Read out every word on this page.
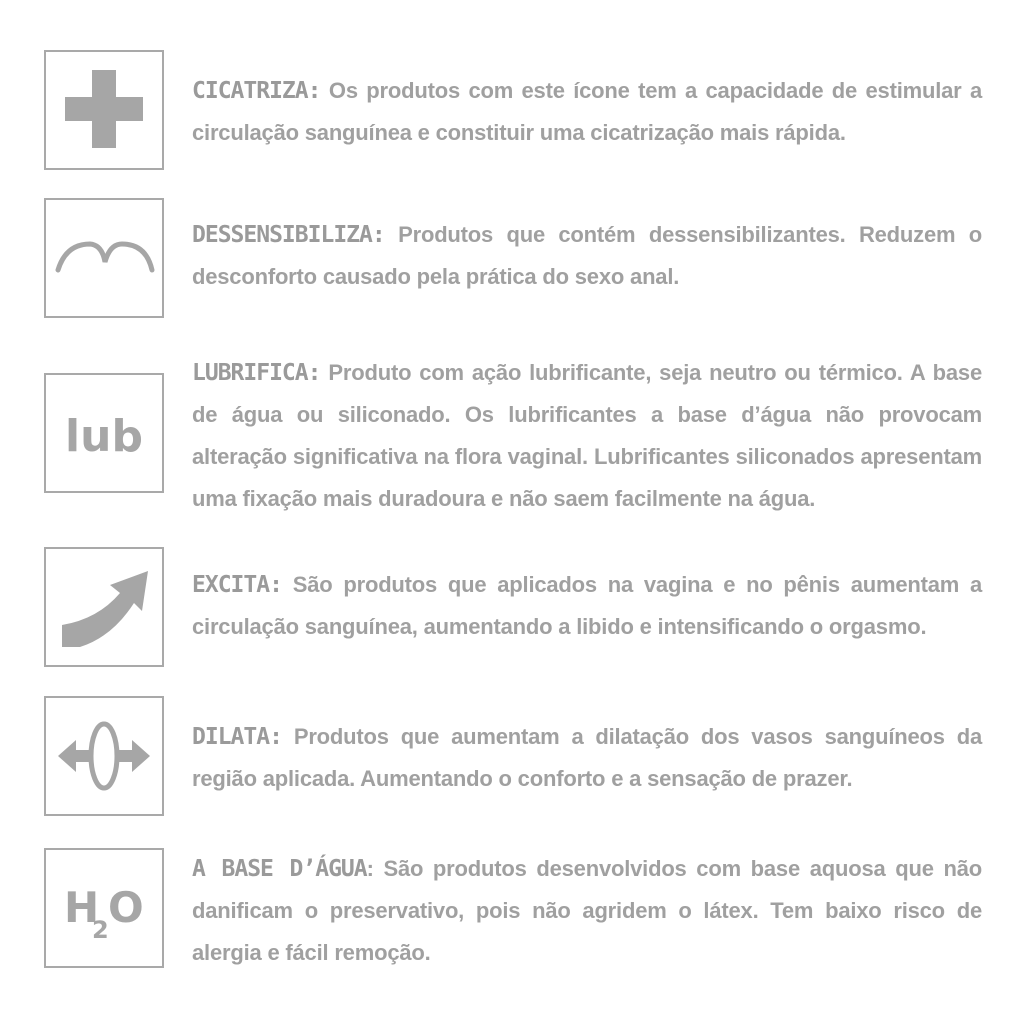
CICATRIZA: Os produtos com este ícone tem a capacidade de estimular a circulação sanguínea e constituir uma cicatrização mais rápida.
DESSENSIBILIZA: Produtos que contém dessensibilizantes. Reduzem o desconforto causado pela prática do sexo anal.
lub
LUBRIFICA: Produto com ação lubrificante, seja neutro ou térmico. A base de água ou siliconado. Os lubrificantes a base d’água não provocam alteração significativa na flora vaginal. Lubrificantes siliconados apresentam uma fixação mais duradoura e não saem facilmente na água.
EXCITA: São produtos que aplicados na vagina e no pênis aumentam a circulação sanguínea, aumentando a libido e intensificando o orgasmo.
DILATA: Produtos que aumentam a dilatação dos vasos sanguíneos da região aplicada. Aumentando o conforto e a sensação de prazer.
H
2 O
A BASE D’ÁGUA: São produtos desenvolvidos com base aquosa que não danificam o preservativo, pois não agridem o látex. Tem baixo risco de alergia e fácil remoção.
